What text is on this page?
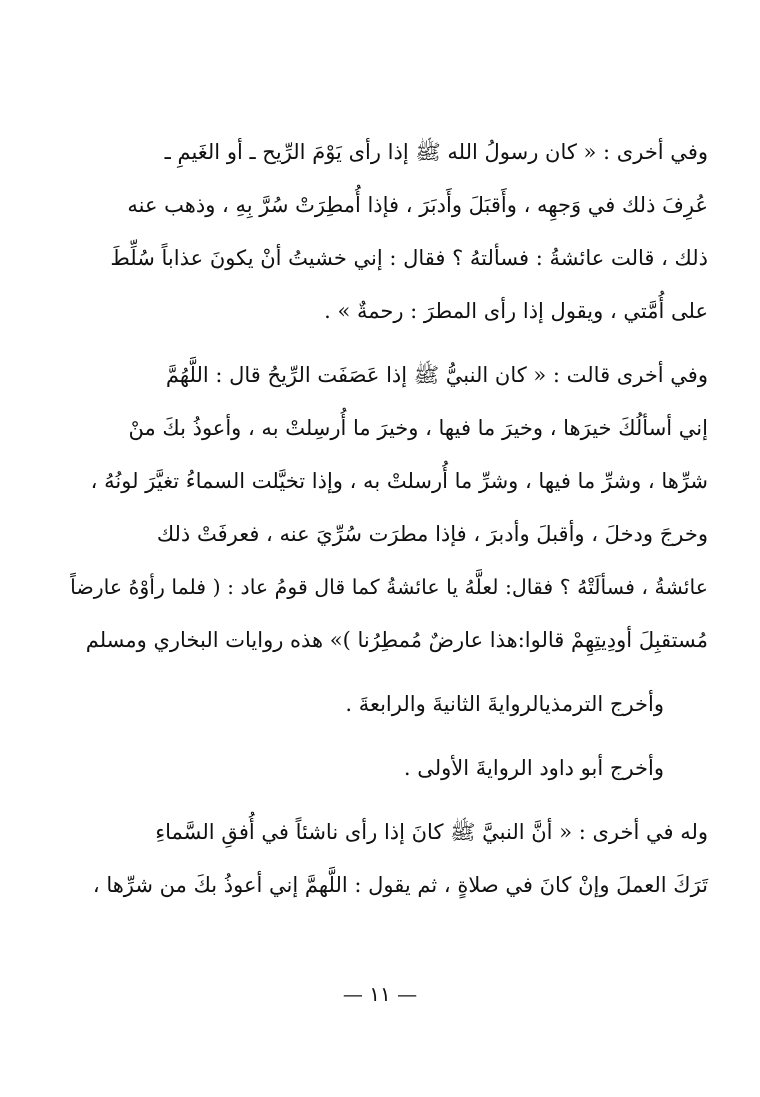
وفي أخرى : « كان رسولُ الله ﷺ إذا رأى يَوْمَ الرِّيح ـ أو الغَيمِ ـ
عُرِفَ ذلك في وَجهِه ، وأَقبَلَ وأَدبَرَ ، فإذا أُمطِرَتْ سُرَّ بِهِ ، وذهب عنه
ذلك ، قالت عائشةُ : فسألتهُ ؟ فقال : إني خشيتُ أنْ يكونَ عذاباً سُلِّطَ
على أُمَّتي ، ويقول إذا رأى المطرَ : رحمةٌ » .

وفي أخرى قالت : « كان النبيُّ ﷺ إذا عَصَفَت الرِّيحُ قال : اللَّهُمَّ
إني أسألُكَ خيرَها ، وخيرَ ما فيها ، وخيرَ ما أُرسِلتْ به ، وأعوذُ بكَ منْ
شرِّها ، وشرِّ ما فيها ، وشرِّ ما أُرسلتْ به ، وإذا تخيَّلت السماءُ تغيَّرَ لونُهُ ،
وخرجَ ودخلَ ، وأقبلَ وأدبرَ ، فإذا مطرَت سُرِّيَ عنه ، فعرفَتْ ذلك
عائشةُ ، فسألَتْهُ ؟ فقال: لعلَّهُ يا عائشةُ كما قال قومُ عاد : ( فلما رأوْهُ عارضاً
مُستقبِلَ أودِيتِهِمْ قالوا:هذا عارضٌ مُمطِرُنا )» هذه روايات البخاري ومسلم

وأخرج الترمذيالروايةَ الثانيةَ والرابعةَ .

وأخرج أبو داود الروايةَ الأولى .

وله في أخرى : « أنَّ النبيَّ ﷺ كانَ إذا رأى ناشئاً في أُفقِ السَّماءِ
تَرَكَ العملَ وإنْ كانَ في صلاةٍ ، ثم يقول : اللَّهمَّ إني أعوذُ بكَ من شرِّها ،

— ١١ —
